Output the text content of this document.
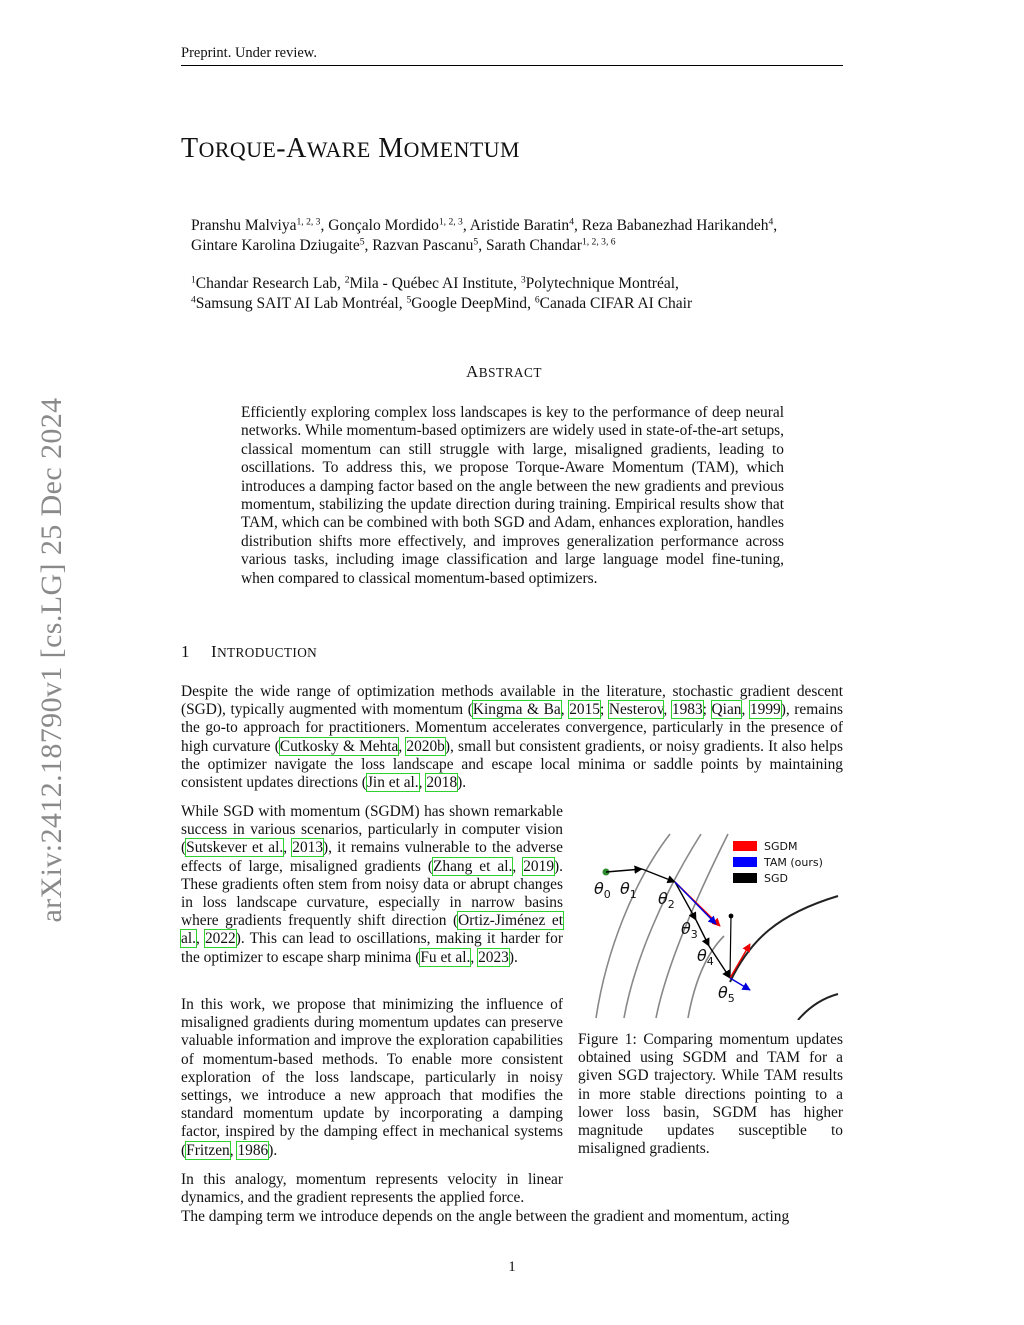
Preprint. Under review.
arXiv:2412.18790v1 [cs.LG] 25 Dec 2024
TORQUE-AWARE MOMENTUM
Pranshu Malviya$^{1, 2, 3}$, Gonçalo Mordido$^{1, 2, 3}$, Aristide Baratin$^4$, Reza Babanezhad Harikandeh$^4$,
Gintare Karolina Dziugaite$^5$, Razvan Pascanu$^5$, Sarath Chandar$^{1, 2, 3, 6}$
$^1$Chandar Research Lab, $^2$Mila - Québec AI Institute, $^3$Polytechnique Montréal,
$^4$Samsung SAIT AI Lab Montréal, $^5$Google DeepMind, $^6$Canada CIFAR AI Chair
ABSTRACT
Efficiently exploring complex loss landscapes is key to the performance of deep neural networks. While momentum-based optimizers are widely used in state-of-the-art setups, classical momentum can still struggle with large, misaligned gradients, leading to oscillations. To address this, we propose Torque-Aware Momentum (TAM), which introduces a damping factor based on the angle between the new gradients and previous momentum, stabilizing the update direction during training. Empirical results show that TAM, which can be combined with both SGD and Adam, enhances exploration, handles distribution shifts more effectively, and improves generalization performance across various tasks, including image classification and large language model fine-tuning, when compared to classical momentum-based optimizers.
1 INTRODUCTION
Despite the wide range of optimization methods available in the literature, stochastic gradient descent (SGD), typically augmented with momentum (Kingma & Ba, 2015; Nesterov, 1983; Qian, 1999), remains the go-to approach for practitioners. Momentum accelerates convergence, particularly in the presence of high curvature (Cutkosky & Mehta, 2020b), small but consistent gradients, or noisy gradients. It also helps the optimizer navigate the loss landscape and escape local minima or saddle points by maintaining consistent updates directions (Jin et al., 2018).
While SGD with momentum (SGDM) has shown remarkable success in various scenarios, particularly in computer vision (Sutskever et al., 2013), it remains vulnerable to the adverse effects of large, misaligned gradients (Zhang et al., 2019). These gradients often stem from noisy data or abrupt changes in loss landscape curvature, especially in narrow basins where gradients frequently shift direction (Ortiz-Jiménez et al., 2022). This can lead to oscillations, making it harder for the optimizer to escape sharp minima (Fu et al., 2023).
In this work, we propose that minimizing the influence of misaligned gradients during momentum updates can preserve valuable information and improve the exploration capabilities of momentum-based methods. To enable more consistent exploration of the loss landscape, particularly in noisy settings, we introduce a new approach that modifies the standard momentum update by incorporating a damping factor, inspired by the damping effect in mechanical systems (Fritzen, 1986).
In this analogy, momentum represents velocity in linear dynamics, and the gradient represents the applied force.
The damping term we introduce depends on the angle between the gradient and momentum, acting
$\theta_0$ $\theta_1$ $\theta_2$
$\theta_3$
$\theta_4$
$\theta_5$
SGDM
TAM (ours)
SGD
Figure 1: Comparing momentum updates obtained using SGDM and TAM for a given SGD trajectory. While TAM results in more stable directions pointing to a lower loss basin, SGDM has higher magnitude updates susceptible to misaligned gradients.
1
